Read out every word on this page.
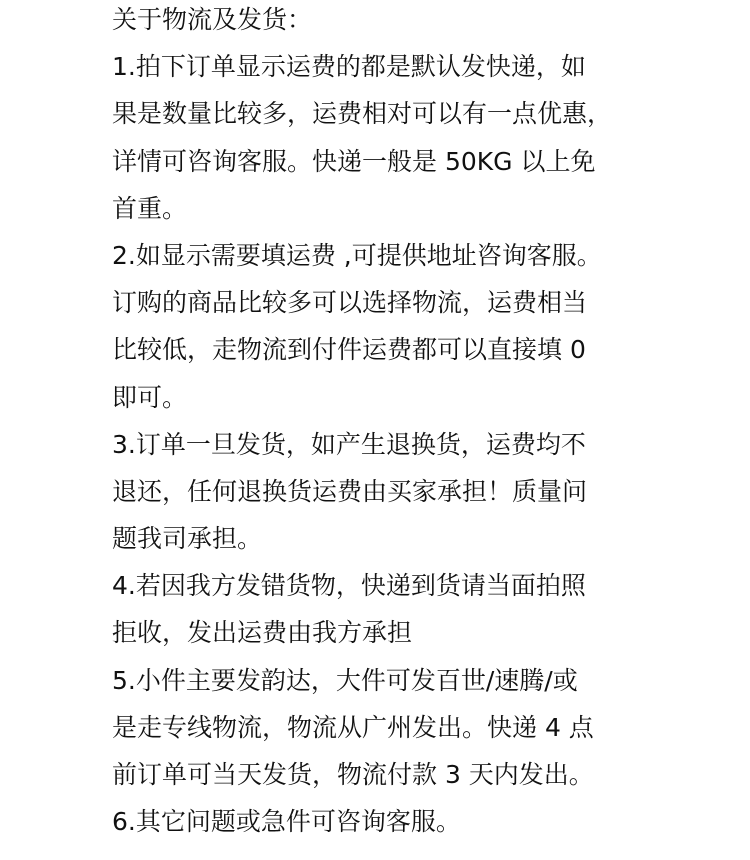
关于物流及发货：
1.拍下订单显示运费的都是默认发快递，如
果是数量比较多，运费相对可以有一点优惠，
详情可咨询客服。快递一般是 50KG 以上免
首重。
2.如显示需要填运费 ,可提供地址咨询客服。
订购的商品比较多可以选择物流，运费相当
比较低，走物流到付件运费都可以直接填 0
即可。
3.订单一旦发货，如产生退换货，运费均不
退还，任何退换货运费由买家承担！质量问
题我司承担。
4.若因我方发错货物，快递到货请当面拍照
拒收，发出运费由我方承担
5.小件主要发韵达，大件可发百世/速腾/或
是走专线物流，物流从广州发出。快递 4 点
前订单可当天发货，物流付款 3 天内发出。
6.其它问题或急件可咨询客服。
